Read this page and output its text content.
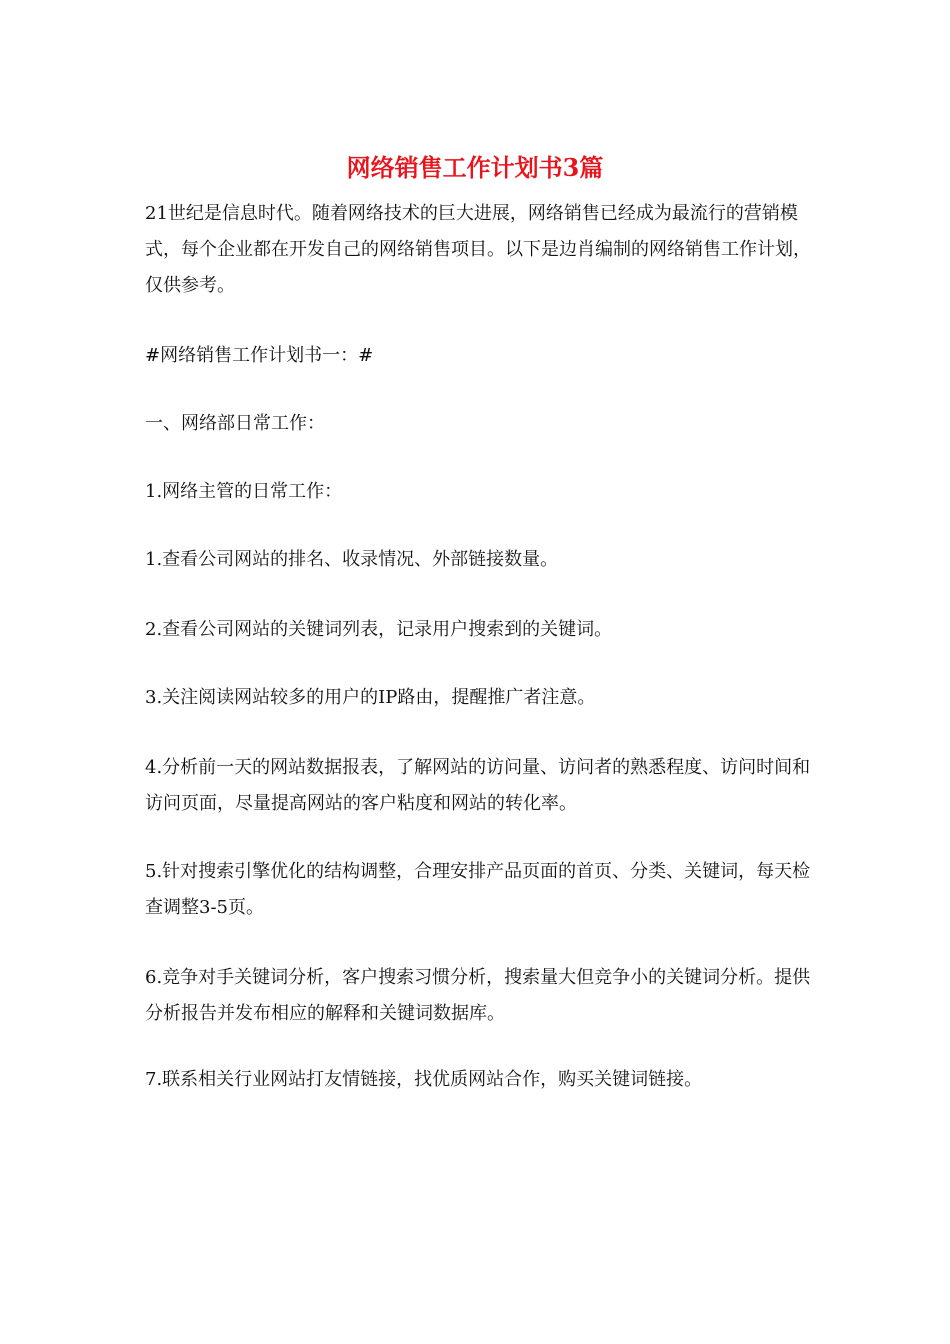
网络销售工作计划书3篇

21世纪是信息时代。随着网络技术的巨大进展，网络销售已经成为最流行的营销模式，每个企业都在开发自己的网络销售项目。以下是边肖编制的网络销售工作计划，仅供参考。

#网络销售工作计划书一：#

一、网络部日常工作：

1.网络主管的日常工作：

1.查看公司网站的排名、收录情况、外部链接数量。

2.查看公司网站的关键词列表，记录用户搜索到的关键词。

3.关注阅读网站较多的用户的IP路由，提醒推广者注意。

4.分析前一天的网站数据报表，了解网站的访问量、访问者的熟悉程度、访问时间和访问页面，尽量提高网站的客户粘度和网站的转化率。

5.针对搜索引擎优化的结构调整，合理安排产品页面的首页、分类、关键词，每天检查调整3-5页。

6.竞争对手关键词分析，客户搜索习惯分析，搜索量大但竞争小的关键词分析。提供分析报告并发布相应的解释和关键词数据库。

7.联系相关行业网站打友情链接，找优质网站合作，购买关键词链接。
